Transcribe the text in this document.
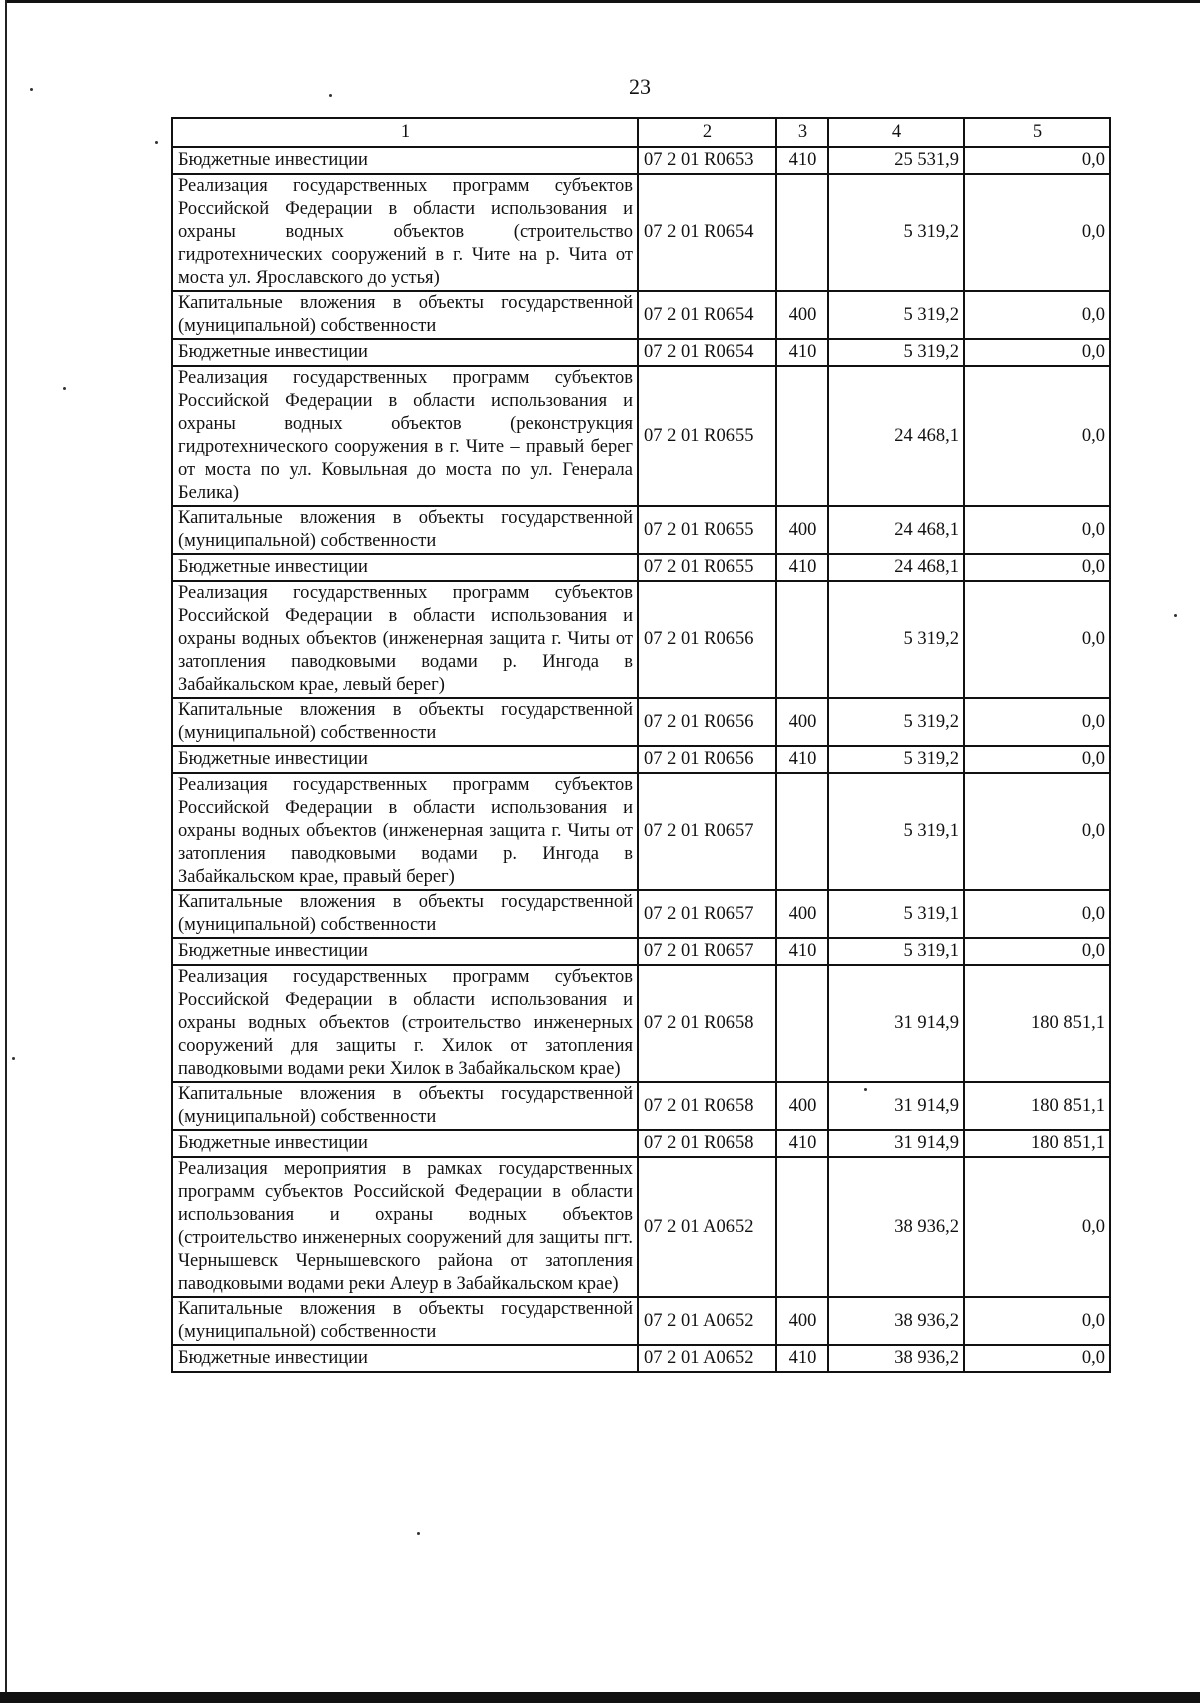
23
1	2	3	4	5
Бюджетные инвестиции	07 2 01 R0653	410	25 531,9	0,0
Реализация государственных программ субъектов Российской Федерации в области использования и охраны водных объектов (строительство гидротехнических сооружений в г. Чите на р. Чита от моста ул. Ярославского до устья)	07 2 01 R0654		5 319,2	0,0
Капитальные вложения в объекты государственной (муниципальной) собственности	07 2 01 R0654	400	5 319,2	0,0
Бюджетные инвестиции	07 2 01 R0654	410	5 319,2	0,0
Реализация государственных программ субъектов Российской Федерации в области использования и охраны водных объектов (реконструкция гидротехнического сооружения в г. Чите – правый берег от моста по ул. Ковыльная до моста по ул. Генерала Белика)	07 2 01 R0655		24 468,1	0,0
Капитальные вложения в объекты государственной (муниципальной) собственности	07 2 01 R0655	400	24 468,1	0,0
Бюджетные инвестиции	07 2 01 R0655	410	24 468,1	0,0
Реализация государственных программ субъектов Российской Федерации в области использования и охраны водных объектов (инженерная защита г. Читы от затопления паводковыми водами р. Ингода в Забайкальском крае, левый берег)	07 2 01 R0656		5 319,2	0,0
Капитальные вложения в объекты государственной (муниципальной) собственности	07 2 01 R0656	400	5 319,2	0,0
Бюджетные инвестиции	07 2 01 R0656	410	5 319,2	0,0
Реализация государственных программ субъектов Российской Федерации в области использования и охраны водных объектов (инженерная защита г. Читы от затопления паводковыми водами р. Ингода в Забайкальском крае, правый берег)	07 2 01 R0657		5 319,1	0,0
Капитальные вложения в объекты государственной (муниципальной) собственности	07 2 01 R0657	400	5 319,1	0,0
Бюджетные инвестиции	07 2 01 R0657	410	5 319,1	0,0
Реализация государственных программ субъектов Российской Федерации в области использования и охраны водных объектов (строительство инженерных сооружений для защиты г. Хилок от затопления паводковыми водами реки Хилок в Забайкальском крае)	07 2 01 R0658		31 914,9	180 851,1
Капитальные вложения в объекты государственной (муниципальной) собственности	07 2 01 R0658	400	31 914,9	180 851,1
Бюджетные инвестиции	07 2 01 R0658	410	31 914,9	180 851,1
Реализация мероприятия в рамках государственных программ субъектов Российской Федерации в области использования и охраны водных объектов (строительство инженерных сооружений для защиты пгт. Чернышевск Чернышевского района от затопления паводковыми водами реки Алеур в Забайкальском крае)	07 2 01 A0652		38 936,2	0,0
Капитальные вложения в объекты государственной (муниципальной) собственности	07 2 01 A0652	400	38 936,2	0,0
Бюджетные инвестиции	07 2 01 A0652	410	38 936,2	0,0
